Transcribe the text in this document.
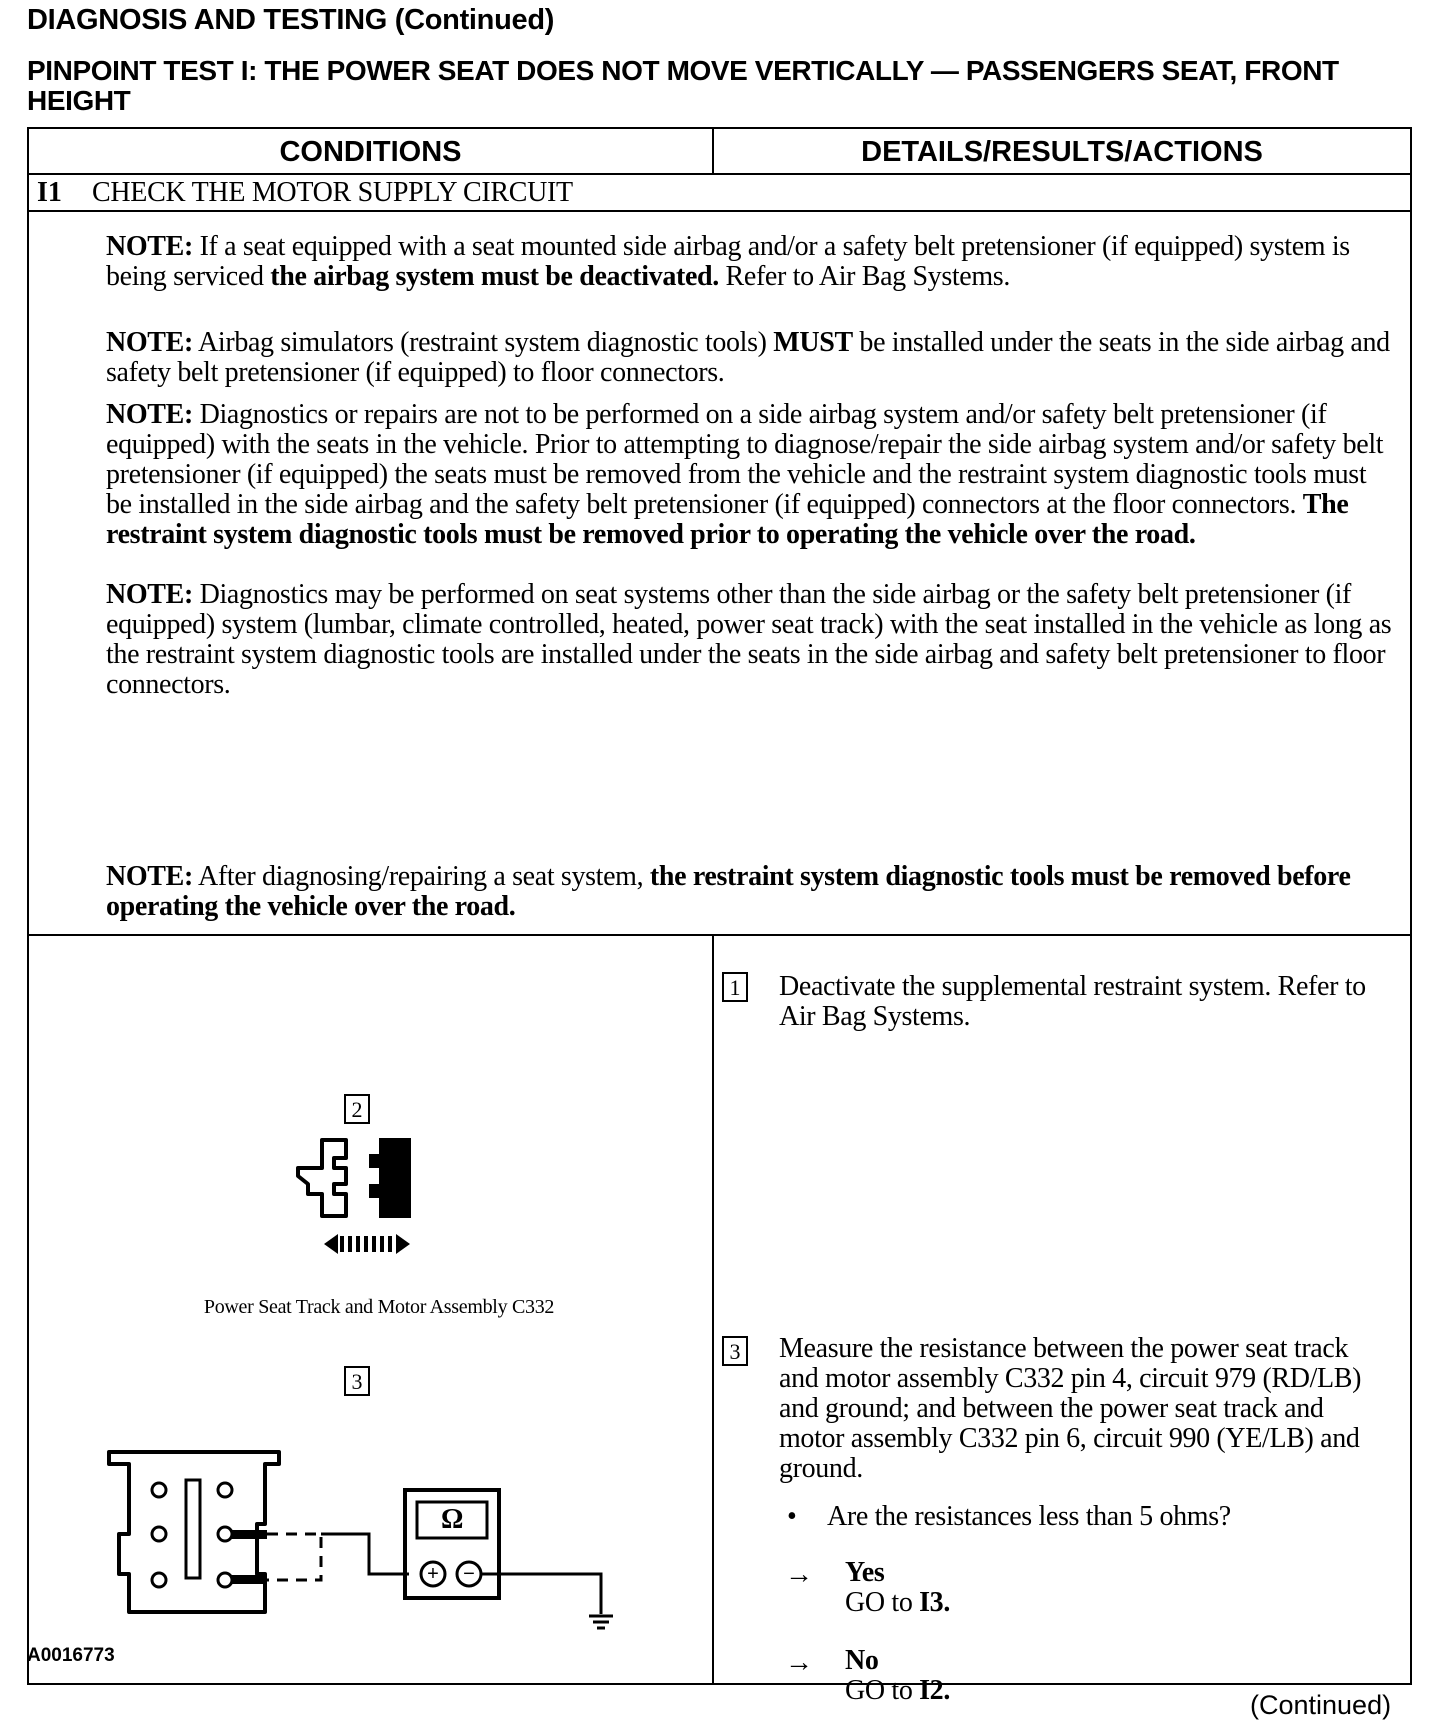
DIAGNOSIS AND TESTING (Continued)
PINPOINT TEST I: THE POWER SEAT DOES NOT MOVE VERTICALLY — PASSENGERS SEAT, FRONT HEIGHT
CONDITIONS	DETAILS/RESULTS/ACTIONS
I1 CHECK THE MOTOR SUPPLY CIRCUIT
NOTE: If a seat equipped with a seat mounted side airbag and/or a safety belt pretensioner (if equipped) system is being serviced the airbag system must be deactivated. Refer to Air Bag Systems.
NOTE: Airbag simulators (restraint system diagnostic tools) MUST be installed under the seats in the side airbag and safety belt pretensioner (if equipped) to floor connectors.
NOTE: Diagnostics or repairs are not to be performed on a side airbag system and/or safety belt pretensioner (if equipped) with the seats in the vehicle. Prior to attempting to diagnose/repair the side airbag system and/or safety belt pretensioner (if equipped) the seats must be removed from the vehicle and the restraint system diagnostic tools must be installed in the side airbag and the safety belt pretensioner (if equipped) connectors at the floor connectors. The restraint system diagnostic tools must be removed prior to operating the vehicle over the road.
NOTE: Diagnostics may be performed on seat systems other than the side airbag or the safety belt pretensioner (if equipped) system (lumbar, climate controlled, heated, power seat track) with the seat installed in the vehicle as long as the restraint system diagnostic tools are installed under the seats in the side airbag and safety belt pretensioner to floor connectors.
NOTE: After diagnosing/repairing a seat system, the restraint system diagnostic tools must be removed before operating the vehicle over the road.
1 Deactivate the supplemental restraint system. Refer to Air Bag Systems.
2
Power Seat Track and Motor Assembly C332
3
Ω
+ −
3 Measure the resistance between the power seat track and motor assembly C332 pin 4, circuit 979 (RD/LB) and ground; and between the power seat track and motor assembly C332 pin 6, circuit 990 (YE/LB) and ground.
• Are the resistances less than 5 ohms?
→ Yes
GO to I3.
→ No
GO to I2.
A0016773
(Continued)
